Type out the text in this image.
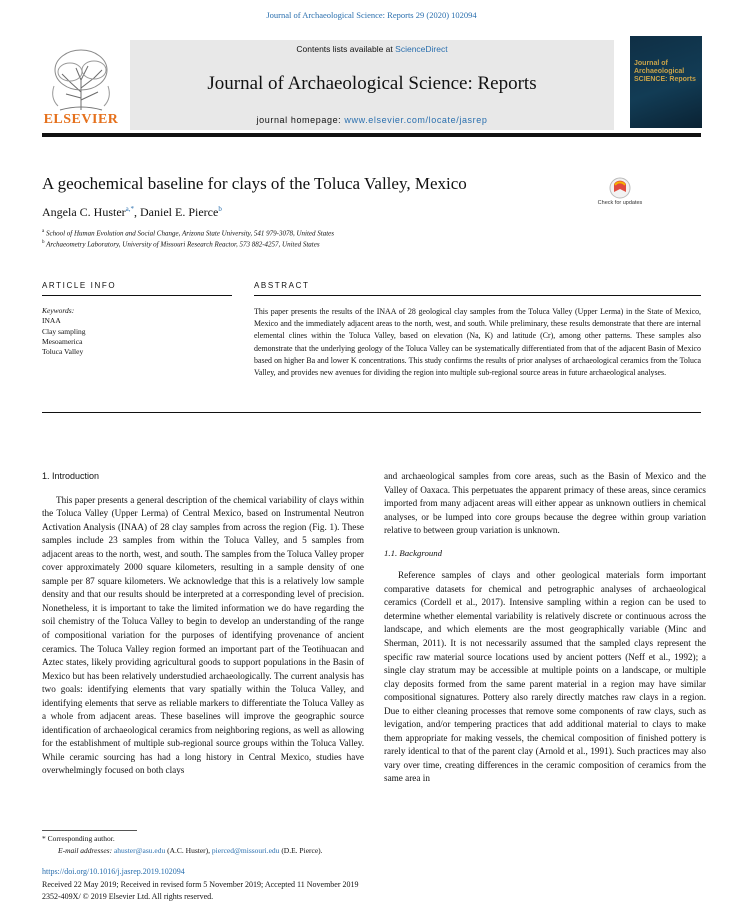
Journal of Archaeological Science: Reports 29 (2020) 102094
ELSEVIER
Contents lists available at ScienceDirect
Journal of Archaeological Science: Reports
journal homepage: www.elsevier.com/locate/jasrep
Journal of Archaeological SCIENCE: Reports
A geochemical baseline for clays of the Toluca Valley, Mexico
Check for updates
Angela C. Huster$^{a,*}$, Daniel E. Pierce$^b$
$^a$ School of Human Evolution and Social Change, Arizona State University, 541 979-3078, United States
$^b$ Archaeometry Laboratory, University of Missouri Research Reactor, 573 882-4257, United States
ARTICLE INFO	ABSTRACT
Keywords:
INAA
Clay sampling
Mesoamerica
Toluca Valley
This paper presents the results of the INAA of 28 geological clay samples from the Toluca Valley (Upper Lerma) in the State of Mexico, Mexico and the immediately adjacent areas to the north, west, and south. While preliminary, these results demonstrate that there are internal elemental clines within the Toluca Valley, based on elevation (Na, K) and latitude (Cr), among other patterns. These samples also demonstrate that the underlying geology of the Toluca Valley can be systematically differentiated from that of the adjacent Basin of Mexico based on higher Ba and lower K concentrations. This study confirms the results of prior analyses of archaeological ceramics from the Toluca Valley, and provides new avenues for dividing the region into multiple sub-regional source areas in future archaeological analyses.
1. Introduction

This paper presents a general description of the chemical variability of clays within the Toluca Valley (Upper Lerma) of Central Mexico, based on Instrumental Neutron Activation Analysis (INAA) of 28 clay samples from across the region (Fig. 1). These samples include 23 samples from within the Toluca Valley, and 5 samples from adjacent areas to the north, west, and south. The samples from the Toluca Valley proper cover approximately 2000 square kilometers, resulting in a sample density of one sample per 87 square kilometers. We acknowledge that this is a relatively low sample density and that our results should be interpreted at a corresponding level of precision. Nonetheless, it is important to take the limited information we do have regarding the soil chemistry of the Toluca Valley to begin to develop an understanding of the range of compositional variation for the purposes of identifying provenance of ancient ceramics. The Toluca Valley region formed an important part of the Teotihuacan and Aztec states, likely providing agricultural goods to support populations in the Basin of Mexico but has been relatively understudied archaeologically. The current analysis has two goals: identifying elements that vary spatially within the Toluca Valley, and identifying elements that serve as reliable markers to differentiate the Toluca Valley as a whole from adjacent areas. These baselines will improve the geographic source identification of archaeological ceramics from neighboring regions, as well as allowing for the establishment of multiple sub-regional source groups within the Toluca Valley. While ceramic sourcing has had a long history in Central Mexico, studies have overwhelmingly focused on both clays

and archaeological samples from core areas, such as the Basin of Mexico and the Valley of Oaxaca. This perpetuates the apparent primacy of these areas, since ceramics imported from many adjacent areas will either appear as unknown outliers in chemical analyses, or be lumped into core groups because the degree within group variation relative to between group variation is unknown.

1.1. Background

Reference samples of clays and other geological materials form important comparative datasets for chemical and petrographic analyses of archaeological ceramics (Cordell et al., 2017). Intensive sampling within a region can be used to determine whether elemental variability is relatively discrete or continuous across the landscape, and which elements are the most geographically variable (Minc and Sherman, 2011). It is not necessarily assumed that the sampled clays represent the specific raw material source locations used by ancient potters (Neff et al., 1992); a single clay stratum may be accessible at multiple points on a landscape, or multiple clay deposits formed from the same parent material in a region may have similar compositional signatures. Pottery also rarely directly matches raw clays in a region. Due to either cleaning processes that remove some components of raw clays, such as levigation, and/or tempering practices that add additional material to clays to make them appropriate for making vessels, the chemical composition of finished pottery is rarely identical to that of the parent clay (Arnold et al., 1991). Such practices may also vary over time, creating differences in the ceramic composition of ceramics from the same area in

* Corresponding author.
E-mail addresses: ahuster@asu.edu (A.C. Huster), pierced@missouri.edu (D.E. Pierce).
https://doi.org/10.1016/j.jasrep.2019.102094
Received 22 May 2019; Received in revised form 5 November 2019; Accepted 11 November 2019
2352-409X/ © 2019 Elsevier Ltd. All rights reserved.
